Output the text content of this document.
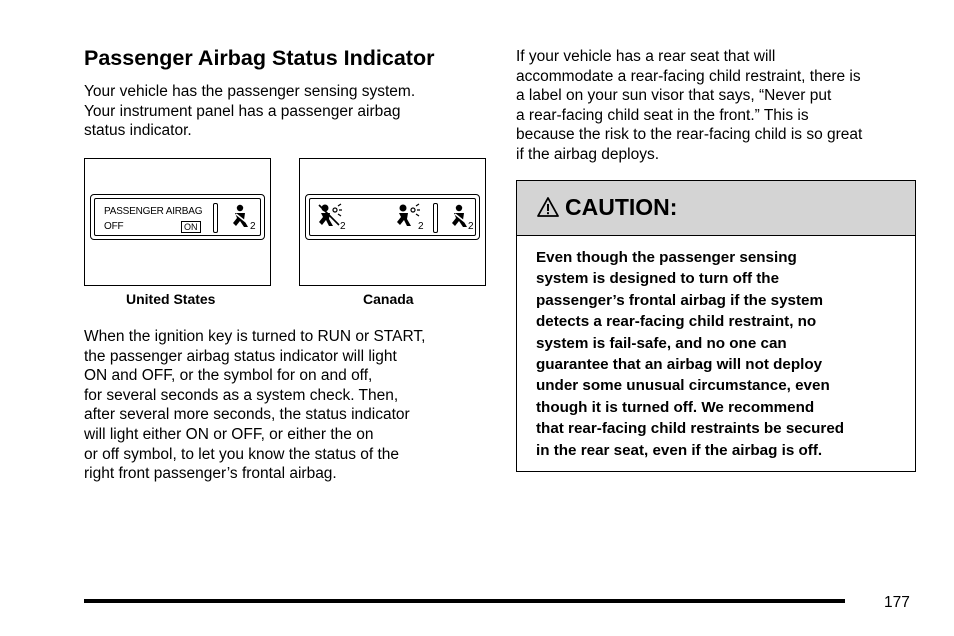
Passenger Airbag Status Indicator

Your vehicle has the passenger sensing system.
Your instrument panel has a passenger airbag
status indicator.

PASSENGER AIRBAG
OFF	ON	2
United States
2	2	2
Canada

When the ignition key is turned to RUN or START,
the passenger airbag status indicator will light
ON and OFF, or the symbol for on and off,
for several seconds as a system check. Then,
after several more seconds, the status indicator
will light either ON or OFF, or either the on
or off symbol, to let you know the status of the
right front passenger’s frontal airbag.

If your vehicle has a rear seat that will
accommodate a rear-facing child restraint, there is
a label on your sun visor that says, “Never put
a rear-facing child seat in the front.” This is
because the risk to the rear-facing child is so great
if the airbag deploys.

CAUTION:

Even though the passenger sensing
system is designed to turn off the
passenger’s frontal airbag if the system
detects a rear-facing child restraint, no
system is fail-safe, and no one can
guarantee that an airbag will not deploy
under some unusual circumstance, even
though it is turned off. We recommend
that rear-facing child restraints be secured
in the rear seat, even if the airbag is off.

177
